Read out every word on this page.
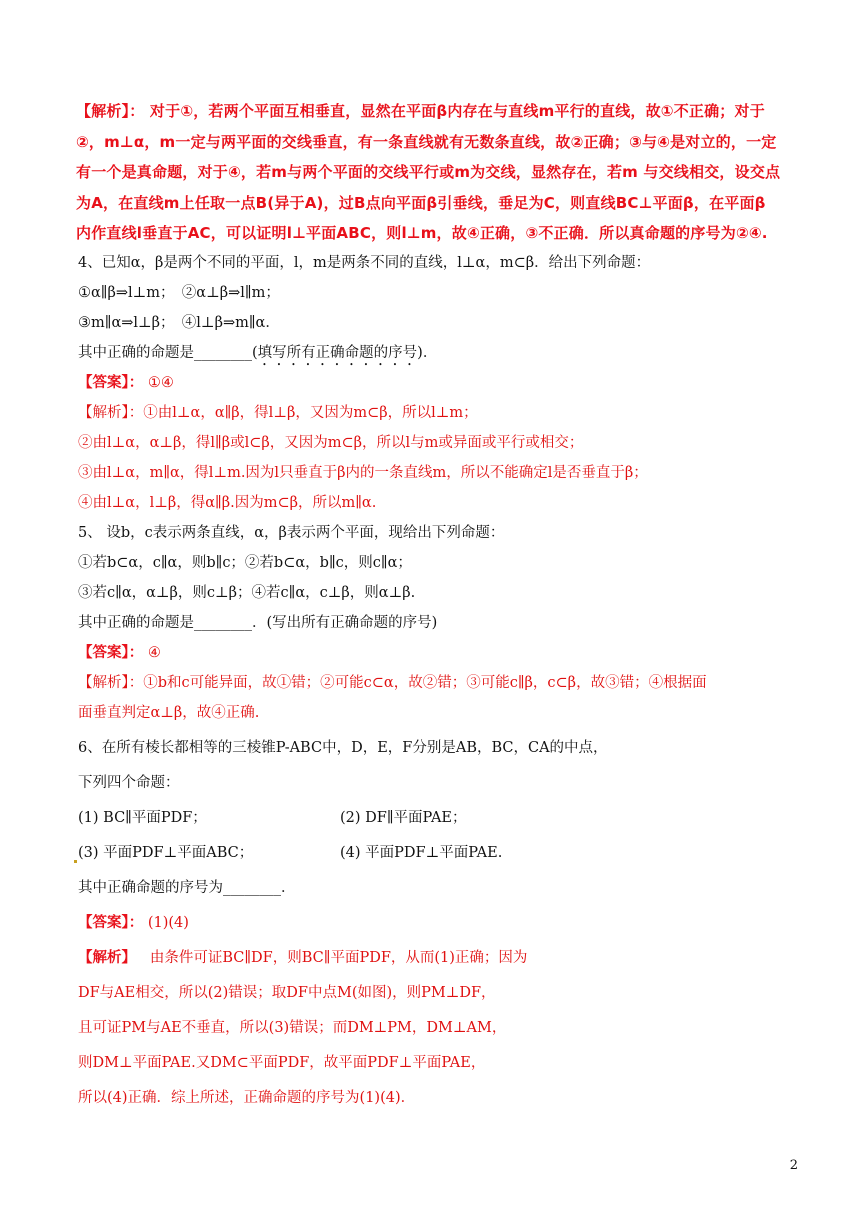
【解析】： 对于①，若两个平面互相垂直，显然在平面β内存在与直线m平行的直线，故①不正确；对于
②，m⊥α，m一定与两平面的交线垂直，有一条直线就有无数条直线，故②正确；③与④是对立的，一定
有一个是真命题，对于④，若m与两个平面的交线平行或m为交线，显然存在，若m 与交线相交，设交点
为A，在直线m上任取一点B(异于A)，过B点向平面β引垂线，垂足为C，则直线BC⊥平面β，在平面β
内作直线l垂直于AC，可以证明l⊥平面ABC，则l⊥m，故④正确，③不正确．所以真命题的序号为②④.
4、已知α，β是两个不同的平面，l，m是两条不同的直线，l⊥α，m⊂β．给出下列命题：
①α∥β⇒l⊥m；　②α⊥β⇒l∥m；
③m∥α⇒l⊥β；　④l⊥β⇒m∥α．
其中正确的命题是________(填写所有正确命题的序号)．
【答案】： ①④
【解析】：①由l⊥α，α∥β，得l⊥β，又因为m⊂β，所以l⊥m；
②由l⊥α，α⊥β，得l∥β或l⊂β，又因为m⊂β，所以l与m或异面或平行或相交；
③由l⊥α，m∥α，得l⊥m.因为l只垂直于β内的一条直线m，所以不能确定l是否垂直于β；
④由l⊥α，l⊥β，得α∥β.因为m⊂β，所以m∥α.
5、 设b，c表示两条直线，α，β表示两个平面，现给出下列命题：
①若b⊂α，c∥α，则b∥c；②若b⊂α，b∥c，则c∥α；
③若c∥α，α⊥β，则c⊥β；④若c∥α，c⊥β，则α⊥β.
其中正确的命题是________．(写出所有正确命题的序号)
【答案】： ④
【解析】：①b和c可能异面，故①错；②可能c⊂α，故②错；③可能c∥β，c⊂β，故③错；④根据面
面垂直判定α⊥β，故④正确.
6、在所有棱长都相等的三棱锥P-ABC中，D，E，F分别是AB，BC，CA的中点，
下列四个命题：
(1) BC∥平面PDF；	(2) DF∥平面PAE；
(3) 平面PDF⊥平面ABC；	(4) 平面PDF⊥平面PAE.
其中正确命题的序号为________．
【答案】： (1)(4)
【解析】 由条件可证BC∥DF，则BC∥平面PDF，从而(1)正确；因为
DF与AE相交，所以(2)错误；取DF中点M(如图)，则PM⊥DF，
且可证PM与AE不垂直，所以(3)错误；而DM⊥PM，DM⊥AM，
则DM⊥平面PAE.又DM⊂平面PDF，故平面PDF⊥平面PAE，
所以(4)正确．综上所述，正确命题的序号为(1)(4)．
2
